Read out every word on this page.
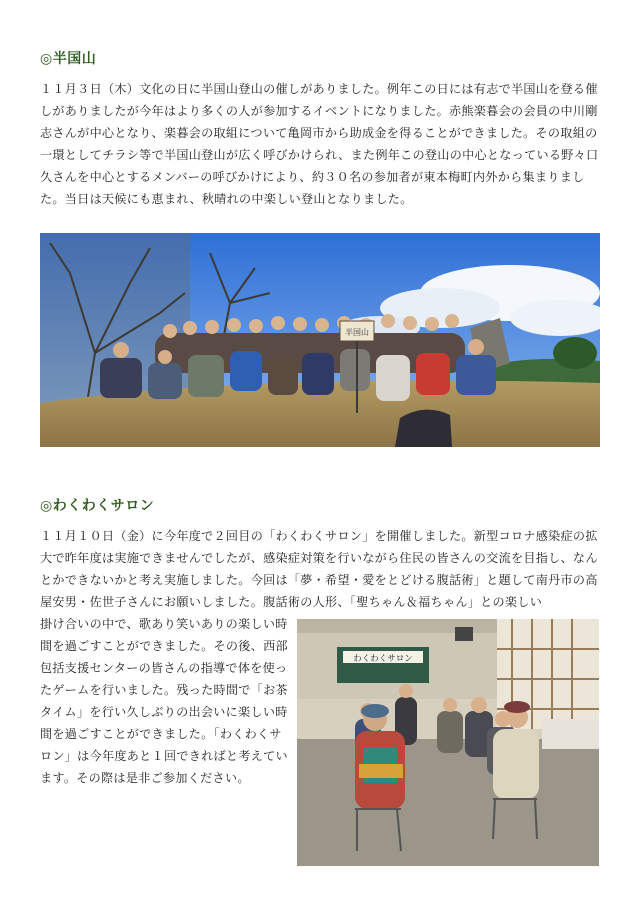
◎半国山

１１月３日（木）文化の日に半国山登山の催しがありました。例年この日には有志で半国山を登る催しがありましたが今年はより多くの人が参加するイベントになりました。赤熊楽暮会の会員の中川剛志さんが中心となり、楽暮会の取組について亀岡市から助成金を得ることができました。その取組の一環としてチラシ等で半国山登山が広く呼びかけられ、また例年この登山の中心となっている野々口　久さんを中心とするメンバーの呼びかけにより、約３０名の参加者が東本梅町内外から集まりました。当日は天候にも恵まれ、秋晴れの中楽しい登山となりました。

半国山
◎わくわくサロン

１１月１０日（金）に今年度で２回目の「わくわくサロン」を開催しました。新型コロナ感染症の拡大で昨年度は実施できませんでしたが、感染症対策を行いながら住民の皆さんの交流を目指し、なんとかできないかと考え実施しました。今回は「夢・希望・愛をとどける腹話術」と題して南丹市の高屋安男・佐世子さんにお願いしました。腹話術の人形、「聖ちゃん＆福ちゃん」との楽しい

掛け合いの中で、歌あり笑いありの楽しい時間を過ごすことができました。その後、西部包括支援センターの皆さんの指導で体を使ったゲームを行いました。残った時間で「お茶タイム」を行い久しぶりの出会いに楽しい時間を過ごすことができました。「わくわくサロン」は今年度あと１回できればと考えています。その際は是非ご参加ください。

わくわくサロン
